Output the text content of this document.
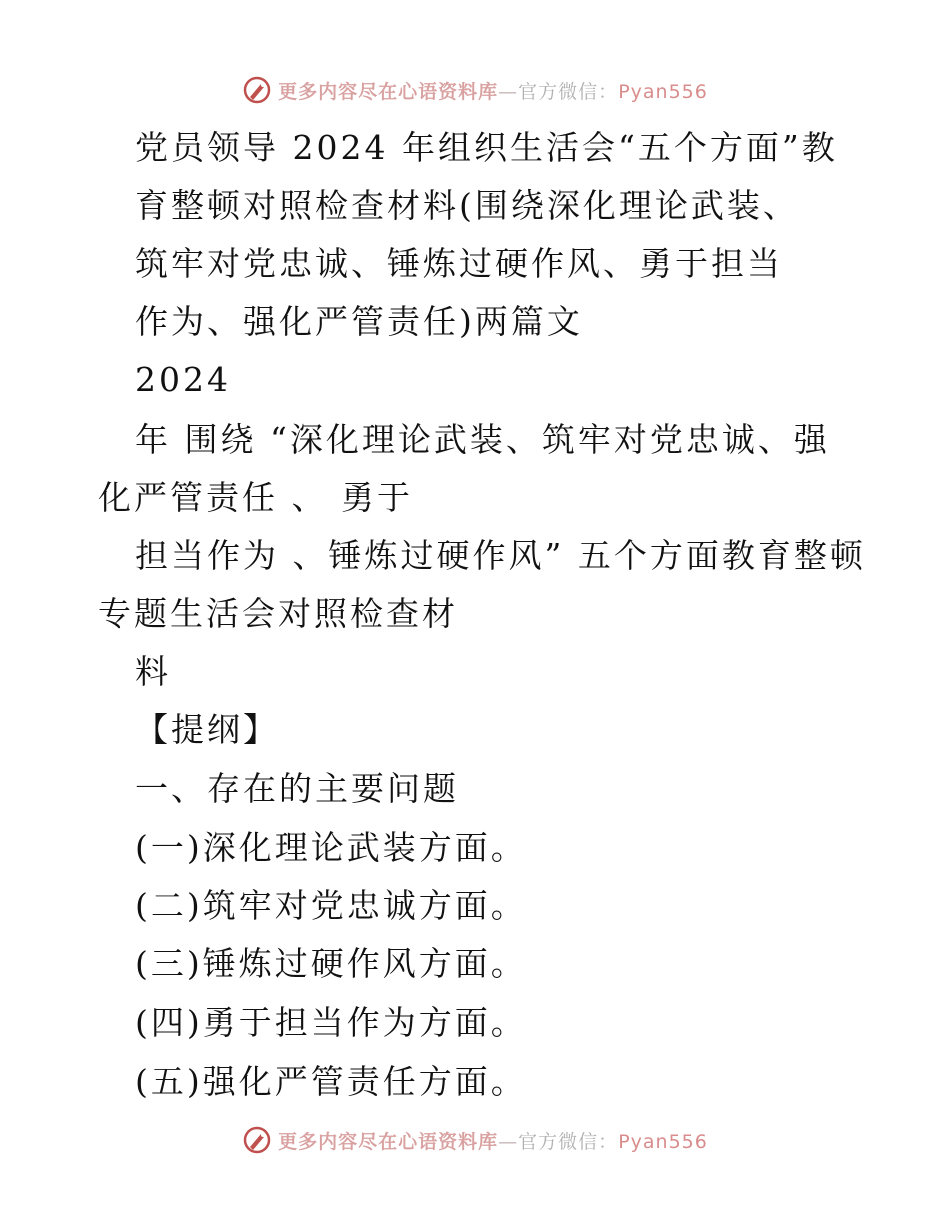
更多内容尽在心语资料库—官方微信：Pyan556
党员领导 2024 年组织生活会“五个方面”教
育整顿对照检查材料(围绕深化理论武装、
筑牢对党忠诚、锤炼过硬作风、勇于担当
作为、强化严管责任)两篇文
2024
年 围绕 “深化理论武装、筑牢对党忠诚、强
化严管责任 、 勇于
担当作为 、锤炼过硬作风” 五个方面教育整顿
专题生活会对照检查材
料
【提纲】
一、存在的主要问题
(一)深化理论武装方面。
(二)筑牢对党忠诚方面。
(三)锤炼过硬作风方面。
(四)勇于担当作为方面。
(五)强化严管责任方面。
更多内容尽在心语资料库—官方微信：Pyan556
